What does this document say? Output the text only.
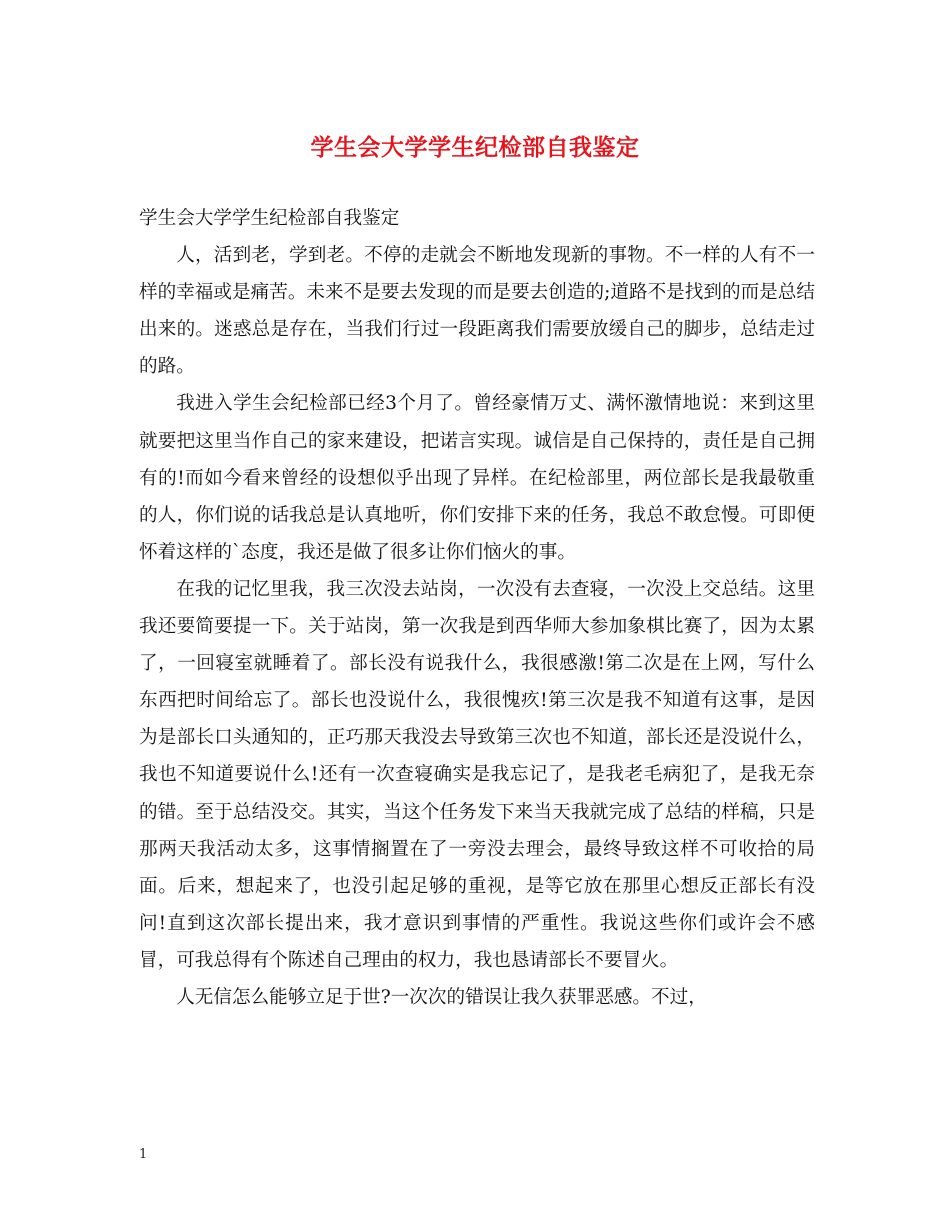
学生会大学学生纪检部自我鉴定

学生会大学学生纪检部自我鉴定

人，活到老，学到老。不停的走就会不断地发现新的事物。不一样的人有不一样的幸福或是痛苦。未来不是要去发现的而是要去创造的;道路不是找到的而是总结出来的。迷惑总是存在，当我们行过一段距离我们需要放缓自己的脚步，总结走过的路。

我进入学生会纪检部已经3个月了。曾经豪情万丈、满怀激情地说：来到这里就要把这里当作自己的家来建设，把诺言实现。诚信是自己保持的，责任是自己拥有的!而如今看来曾经的设想似乎出现了异样。在纪检部里，两位部长是我最敬重的人，你们说的话我总是认真地听，你们安排下来的任务，我总不敢怠慢。可即便怀着这样的`态度，我还是做了很多让你们恼火的事。

在我的记忆里我，我三次没去站岗，一次没有去查寝，一次没上交总结。这里我还要简要提一下。关于站岗，第一次我是到西华师大参加象棋比赛了，因为太累了，一回寝室就睡着了。部长没有说我什么，我很感激!第二次是在上网，写什么东西把时间给忘了。部长也没说什么，我很愧疚!第三次是我不知道有这事，是因为是部长口头通知的，正巧那天我没去导致第三次也不知道，部长还是没说什么，我也不知道要说什么!还有一次查寝确实是我忘记了，是我老毛病犯了，是我无奈的错。至于总结没交。其实，当这个任务发下来当天我就完成了总结的样稿，只是那两天我活动太多，这事情搁置在了一旁没去理会，最终导致这样不可收拾的局面。后来，想起来了，也没引起足够的重视，是等它放在那里心想反正部长有没问!直到这次部长提出来，我才意识到事情的严重性。我说这些你们或许会不感冒，可我总得有个陈述自己理由的权力，我也恳请部长不要冒火。

人无信怎么能够立足于世?一次次的错误让我久获罪恶感。不过，

1
